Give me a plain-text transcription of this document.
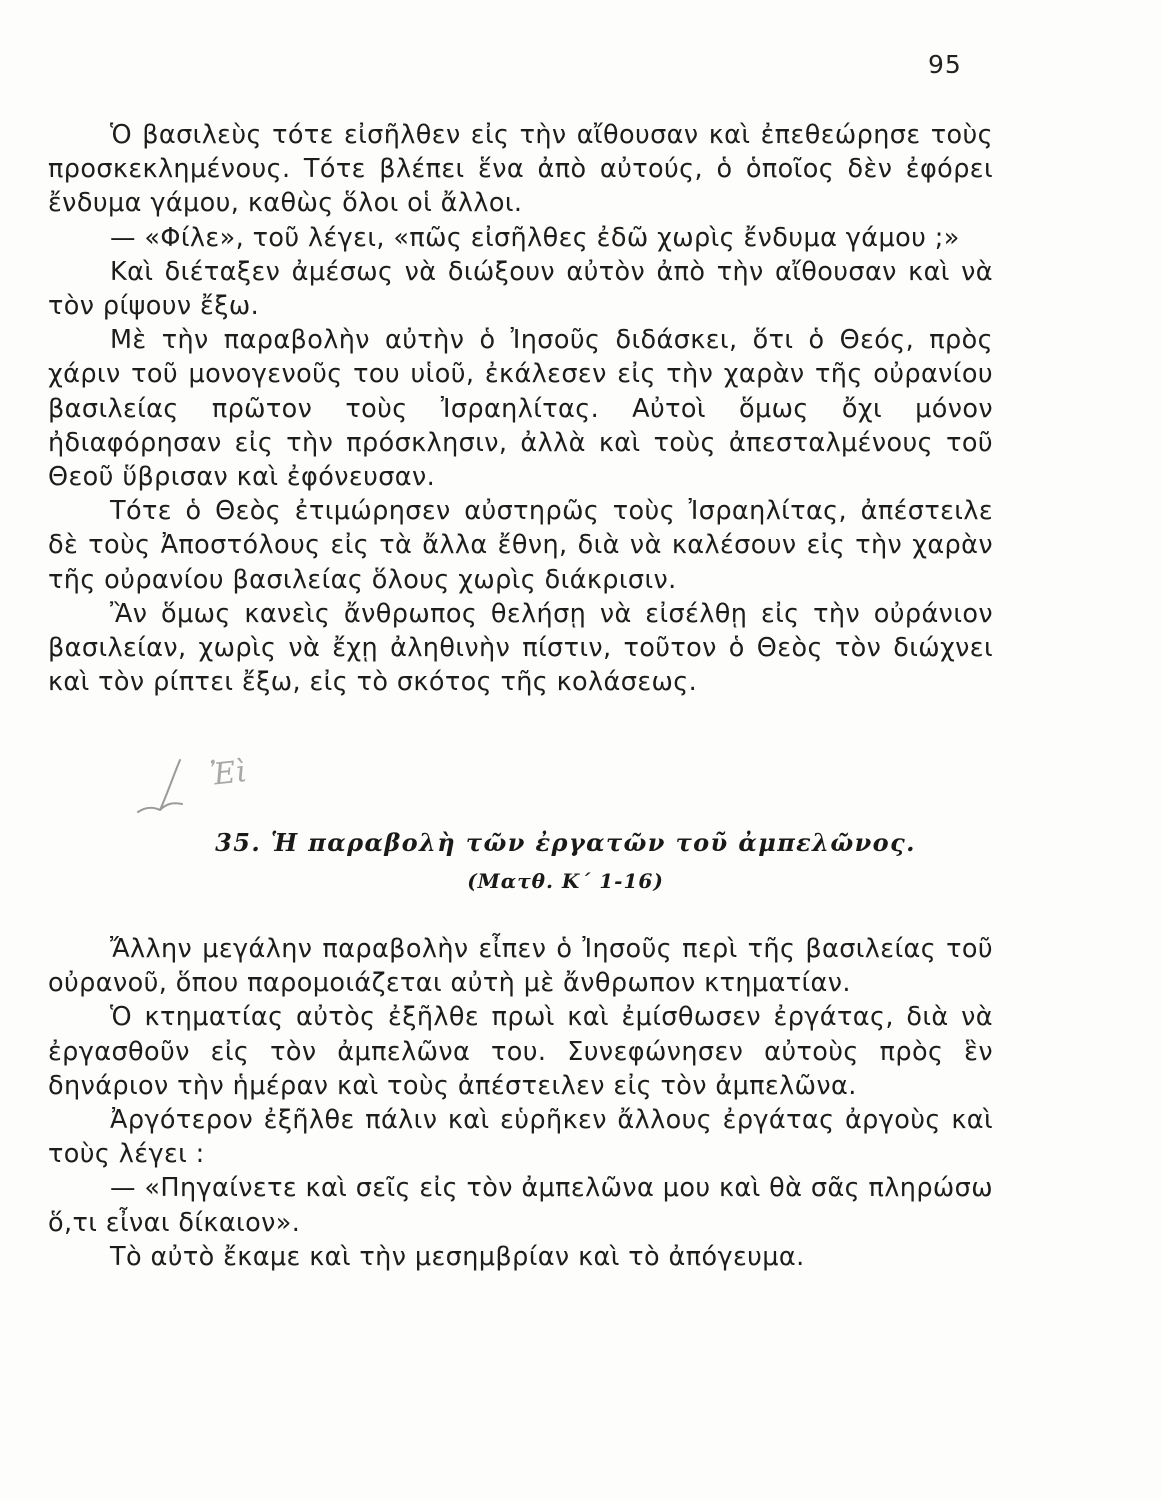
95

Ὁ βασιλεὺς τότε εἰσῆλθεν εἰς τὴν αἴθουσαν καὶ ἐπεθεώρησε τοὺς προσκεκλημένους. Τότε βλέπει ἕνα ἀπὸ αὐτούς, ὁ ὁποῖος δὲν ἐφόρει ἔνδυμα γάμου, καθὼς ὅλοι οἱ ἄλλοι.

— «Φίλε», τοῦ λέγει, «πῶς εἰσῆλθες ἐδῶ χωρὶς ἔνδυμα γάμου ;»

Καὶ διέταξεν ἀμέσως νὰ διώξουν αὐτὸν ἀπὸ τὴν αἴθουσαν καὶ νὰ τὸν ρίψουν ἔξω.

Μὲ τὴν παραβολὴν αὐτὴν ὁ Ἰησοῦς διδάσκει, ὅτι ὁ Θεός, πρὸς χάριν τοῦ μονογενοῦς του υἱοῦ, ἐκάλεσεν εἰς τὴν χαρὰν τῆς οὐρανίου βασιλείας πρῶτον τοὺς Ἰσραηλίτας. Αὐτοὶ ὅμως ὄχι μόνον ἠδιαφόρησαν εἰς τὴν πρόσκλησιν, ἀλλὰ καὶ τοὺς ἀπεσταλμένους τοῦ Θεοῦ ὕβρισαν καὶ ἐφόνευσαν.

Τότε ὁ Θεὸς ἐτιμώρησεν αὐστηρῶς τοὺς Ἰσραηλίτας, ἀπέστειλε δὲ τοὺς Ἀποστόλους εἰς τὰ ἄλλα ἔθνη, διὰ νὰ καλέσουν εἰς τὴν χαρὰν τῆς οὐρανίου βασιλείας ὅλους χωρὶς διάκρισιν.

Ἂν ὅμως κανεὶς ἄνθρωπος θελήσῃ νὰ εἰσέλθῃ εἰς τὴν οὐράνιον βασιλείαν, χωρὶς νὰ ἔχῃ ἀληθινὴν πίστιν, τοῦτον ὁ Θεὸς τὸν διώχνει καὶ τὸν ρίπτει ἔξω, εἰς τὸ σκότος τῆς κολάσεως.

Ἐὶ
35. Ἡ παραβολὴ τῶν ἐργατῶν τοῦ ἀμπελῶνος.
(Ματθ. Κ΄ 1-16)

Ἄλλην μεγάλην παραβολὴν εἶπεν ὁ Ἰησοῦς περὶ τῆς βασιλείας τοῦ οὐρανοῦ, ὅπου παρομοιάζεται αὐτὴ μὲ ἄνθρωπον κτηματίαν.

Ὁ κτηματίας αὐτὸς ἐξῆλθε πρωὶ καὶ ἐμίσθωσεν ἐργάτας, διὰ νὰ ἐργασθοῦν εἰς τὸν ἀμπελῶνα του. Συνεφώνησεν αὐτοὺς πρὸς ἓν δηνάριον τὴν ἡμέραν καὶ τοὺς ἀπέστειλεν εἰς τὸν ἀμπελῶνα.

Ἀργότερον ἐξῆλθε πάλιν καὶ εὑρῆκεν ἄλλους ἐργάτας ἀργοὺς καὶ τοὺς λέγει :

— «Πηγαίνετε καὶ σεῖς εἰς τὸν ἀμπελῶνα μου καὶ θὰ σᾶς πληρώσω ὅ,τι εἶναι δίκαιον».

Τὸ αὐτὸ ἔκαμε καὶ τὴν μεσημβρίαν καὶ τὸ ἀπόγευμα.
